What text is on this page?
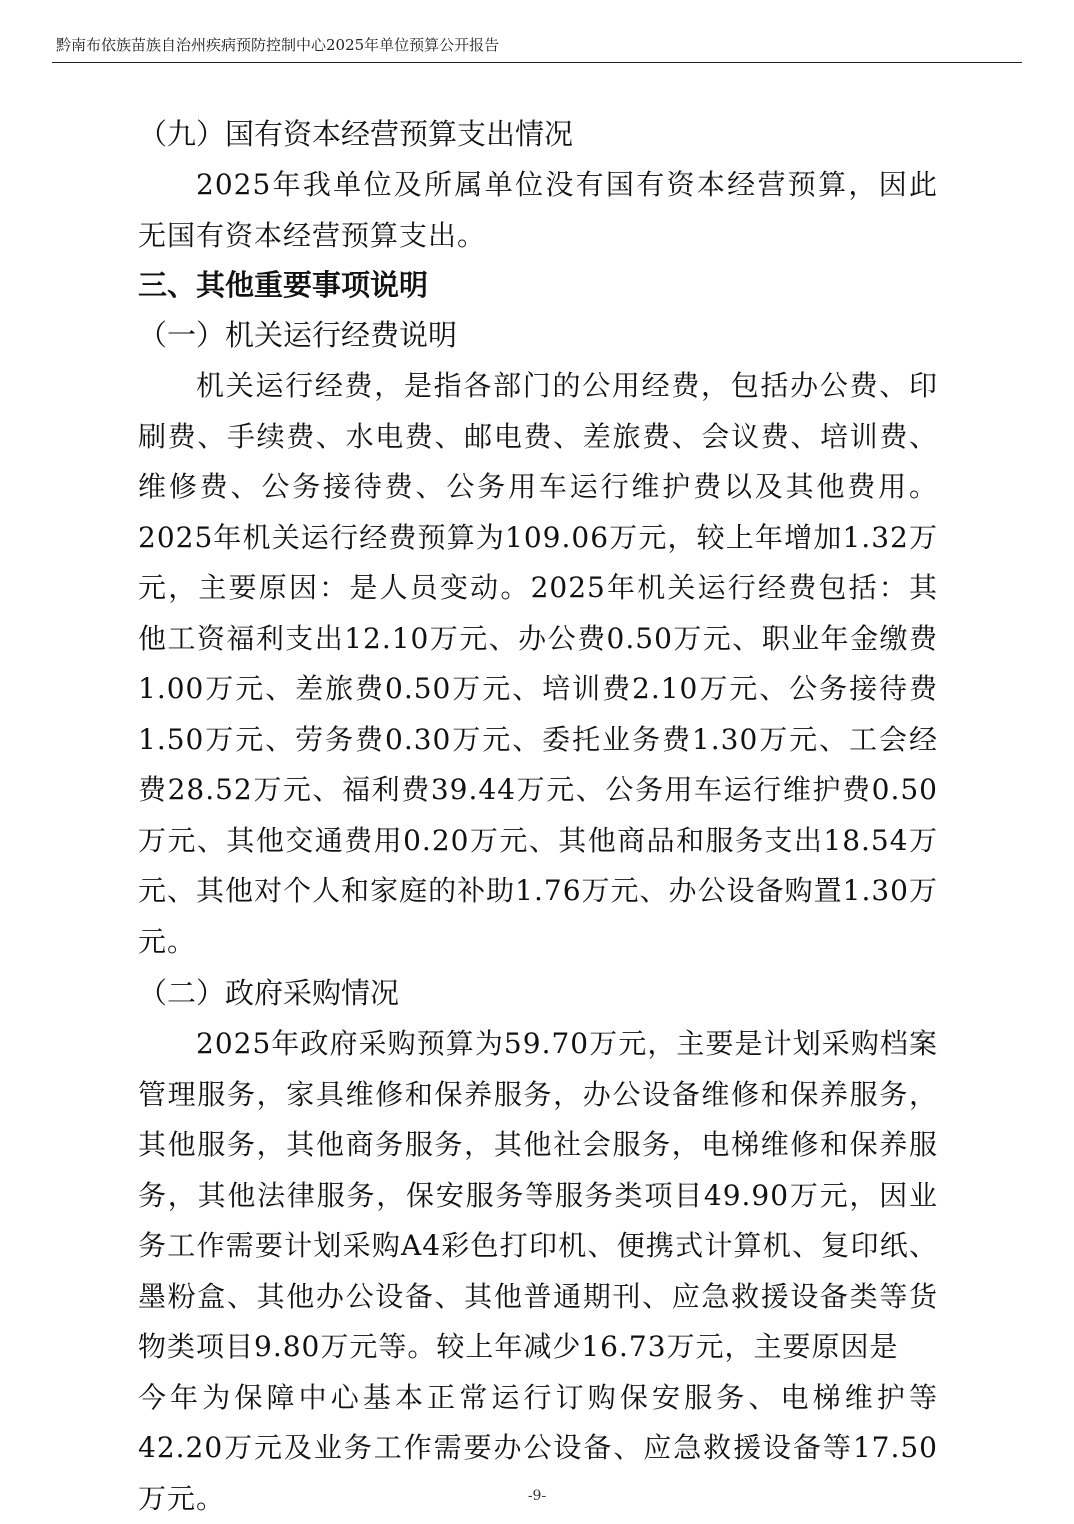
黔南布依族苗族自治州疾病预防控制中心2025年单位预算公开报告
（九）国有资本经营预算支出情况

2025年我单位及所属单位没有国有资本经营预算，因此无国有资本经营预算支出。

三、其他重要事项说明
（一）机关运行经费说明

机关运行经费，是指各部门的公用经费，包括办公费、印刷费、手续费、水电费、邮电费、差旅费、会议费、培训费、维修费、公务接待费、公务用车运行维护费以及其他费用。2025年机关运行经费预算为109.06万元，较上年增加1.32万元，主要原因：是人员变动。2025年机关运行经费包括：其他工资福利支出12.10万元、办公费0.50万元、职业年金缴费1.00万元、差旅费0.50万元、培训费2.10万元、公务接待费1.50万元、劳务费0.30万元、委托业务费1.30万元、工会经费28.52万元、福利费39.44万元、公务用车运行维护费0.50万元、其他交通费用0.20万元、其他商品和服务支出18.54万元、其他对个人和家庭的补助1.76万元、办公设备购置1.30万元。

（二）政府采购情况

2025年政府采购预算为59.70万元，主要是计划采购档案管理服务，家具维修和保养服务，办公设备维修和保养服务，其他服务，其他商务服务，其他社会服务，电梯维修和保养服务，其他法律服务，保安服务等服务类项目49.90万元，因业务工作需要计划采购A4彩色打印机、便携式计算机、复印纸、墨粉盒、其他办公设备、其他普通期刊、应急救援设备类等货物类项目9.80万元等。较上年减少16.73万元，主要原因是

今年为保障中心基本正常运行订购保安服务、电梯维护等42.20万元及业务工作需要办公设备、应急救援设备等17.50万元。	-9-
